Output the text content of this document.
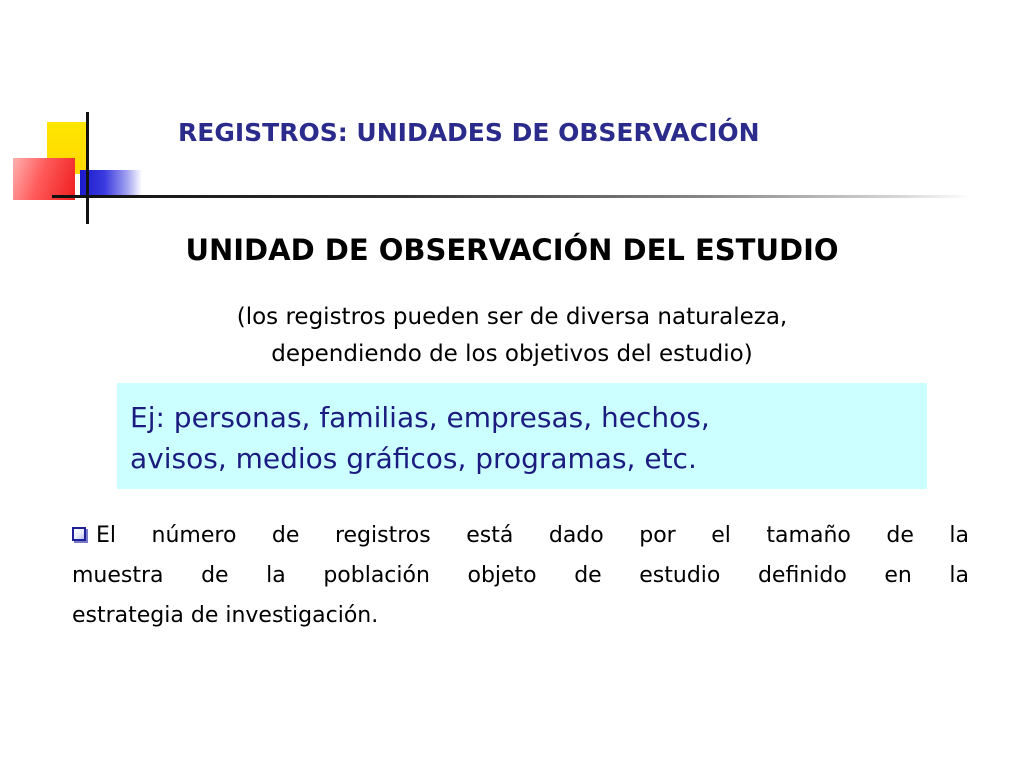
REGISTROS: UNIDADES DE OBSERVACIÓN
UNIDAD DE OBSERVACIÓN DEL ESTUDIO
(los registros pueden ser de diversa naturaleza,
dependiendo de los objetivos del estudio)
Ej: personas, familias, empresas, hechos,
avisos, medios gráficos, programas, etc.
El número de registros está dado por el tamaño de la
muestra de la población objeto de estudio definido en la
estrategia de investigación.
